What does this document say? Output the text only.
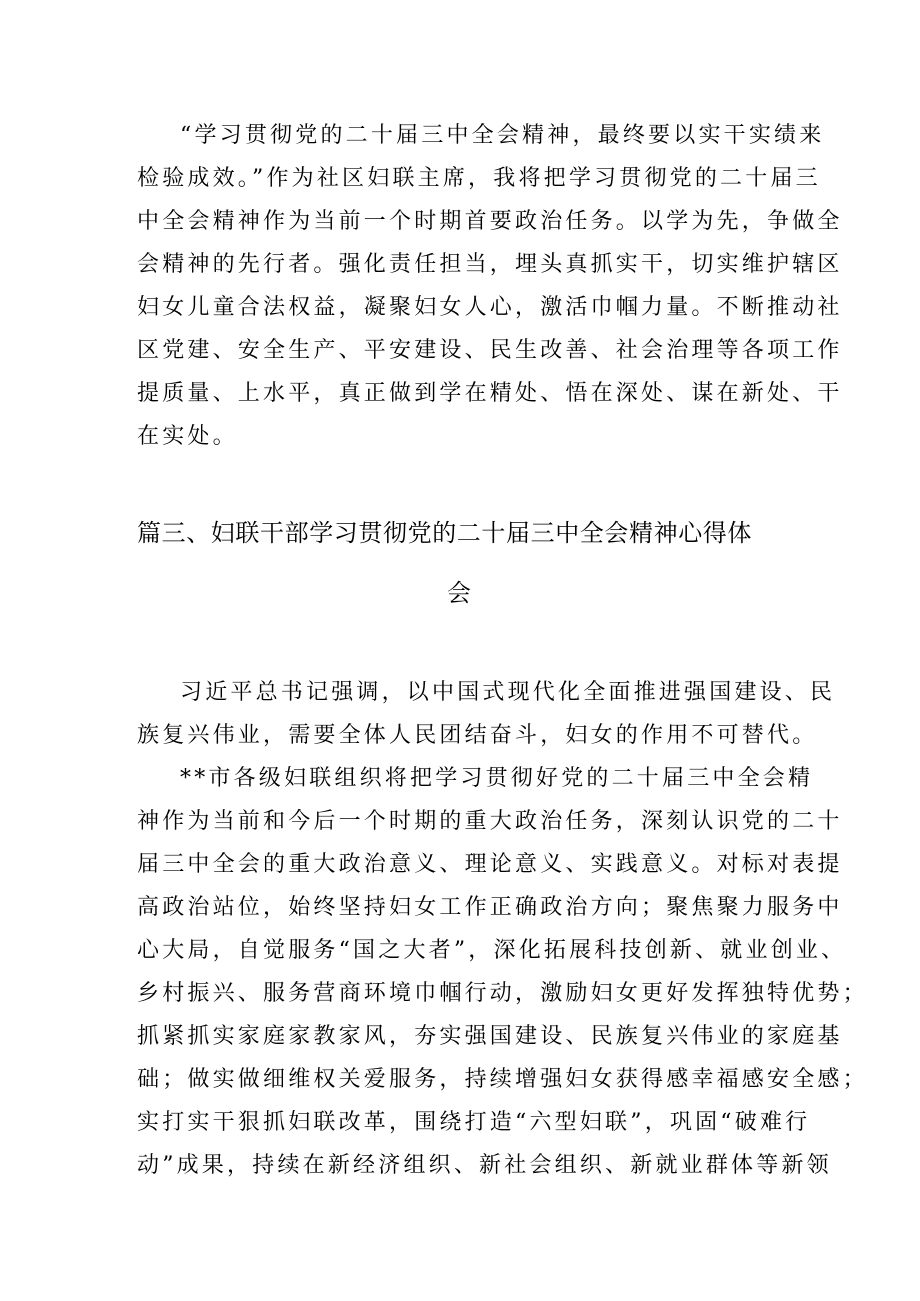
“学习贯彻党的二十届三中全会精神，最终要以实干实绩来
检验成效。”作为社区妇联主席，我将把学习贯彻党的二十届三
中全会精神作为当前一个时期首要政治任务。以学为先，争做全
会精神的先行者。强化责任担当，埋头真抓实干，切实维护辖区
妇女儿童合法权益，凝聚妇女人心，激活巾帼力量。不断推动社
区党建、安全生产、平安建设、民生改善、社会治理等各项工作
提质量、上水平，真正做到学在精处、悟在深处、谋在新处、干
在实处。
篇三、妇联干部学习贯彻党的二十届三中全会精神心得体
会
习近平总书记强调，以中国式现代化全面推进强国建设、民
族复兴伟业，需要全体人民团结奋斗，妇女的作用不可替代。
**市各级妇联组织将把学习贯彻好党的二十届三中全会精
神作为当前和今后一个时期的重大政治任务，深刻认识党的二十
届三中全会的重大政治意义、理论意义、实践意义。对标对表提
高政治站位，始终坚持妇女工作正确政治方向；聚焦聚力服务中
心大局，自觉服务“国之大者”，深化拓展科技创新、就业创业、
乡村振兴、服务营商环境巾帼行动，激励妇女更好发挥独特优势；
抓紧抓实家庭家教家风，夯实强国建设、民族复兴伟业的家庭基
础；做实做细维权关爱服务，持续增强妇女获得感幸福感安全感；
实打实干狠抓妇联改革，围绕打造“六型妇联”，巩固“破难行
动”成果，持续在新经济组织、新社会组织、新就业群体等新领
